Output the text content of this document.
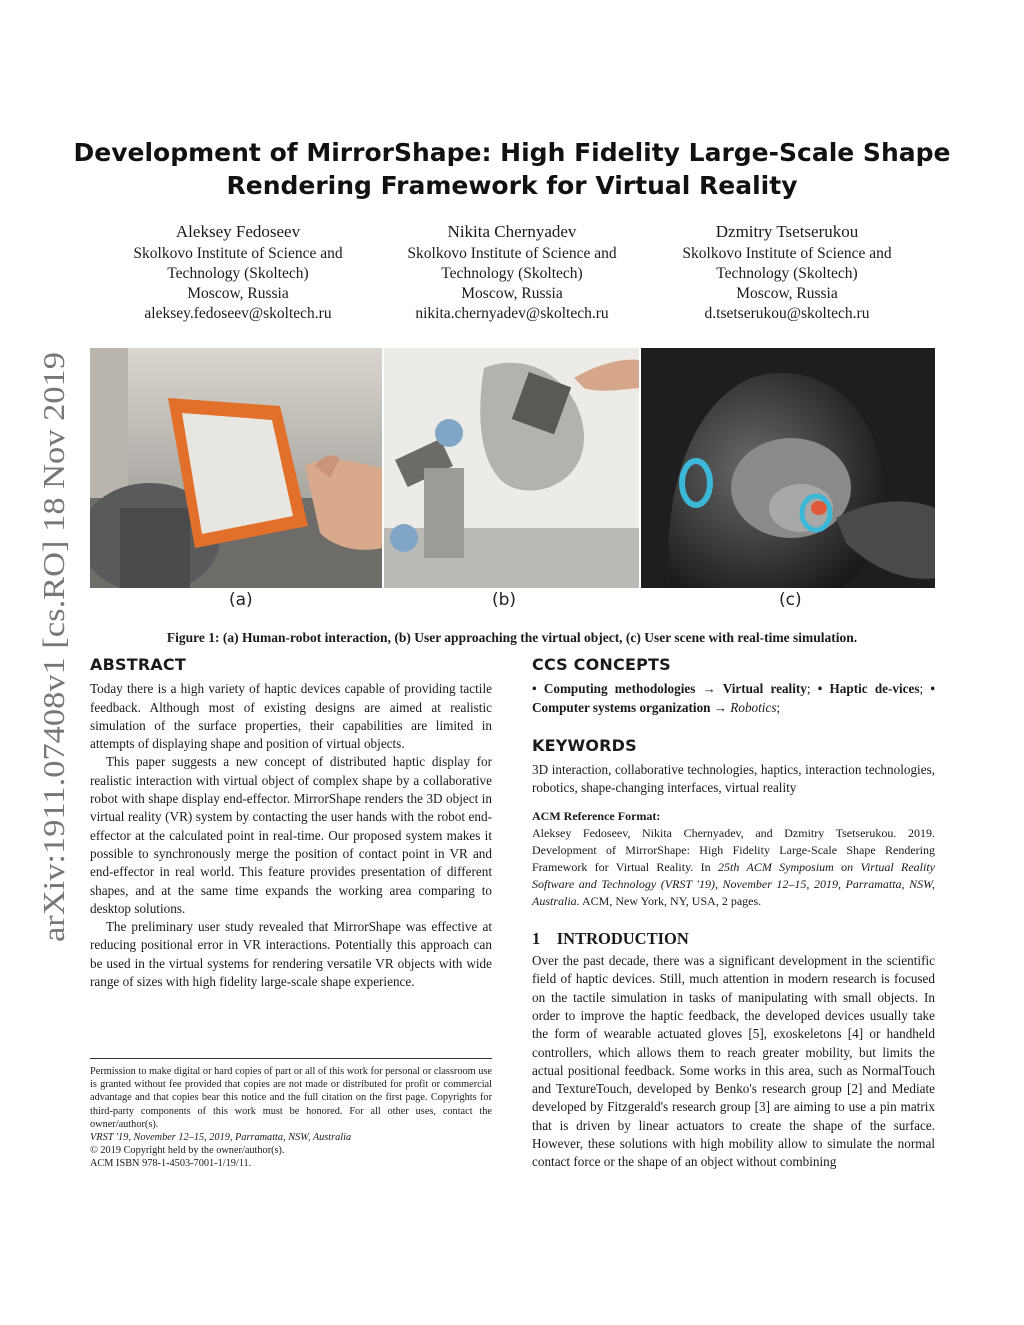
arXiv:1911.07408v1 [cs.RO] 18 Nov 2019
Development of MirrorShape: High Fidelity Large-Scale Shape
Rendering Framework for Virtual Reality
Aleksey Fedoseev
Skolkovo Institute of Science and
Technology (Skoltech)
Moscow, Russia
aleksey.fedoseev@skoltech.ru
Nikita Chernyadev
Skolkovo Institute of Science and
Technology (Skoltech)
Moscow, Russia
nikita.chernyadev@skoltech.ru
Dzmitry Tsetserukou
Skolkovo Institute of Science and
Technology (Skoltech)
Moscow, Russia
d.tsetserukou@skoltech.ru
(a)	(b)	(c)
Figure 1: (a) Human-robot interaction, (b) User approaching the virtual object, (c) User scene with real-time simulation.
ABSTRACT

Today there is a high variety of haptic devices capable of providing tactile feedback. Although most of existing designs are aimed at realistic simulation of the surface properties, their capabilities are limited in attempts of displaying shape and position of virtual objects.

This paper suggests a new concept of distributed haptic display for realistic interaction with virtual object of complex shape by a collaborative robot with shape display end-effector. MirrorShape renders the 3D object in virtual reality (VR) system by contacting the user hands with the robot end-effector at the calculated point in real-time. Our proposed system makes it possible to synchronously merge the position of contact point in VR and end-effector in real world. This feature provides presentation of different shapes, and at the same time expands the working area comparing to desktop solutions.

The preliminary user study revealed that MirrorShape was effective at reducing positional error in VR interactions. Potentially this approach can be used in the virtual systems for rendering versatile VR objects with wide range of sizes with high fidelity large-scale shape experience.

Permission to make digital or hard copies of part or all of this work for personal or classroom use is granted without fee provided that copies are not made or distributed for profit or commercial advantage and that copies bear this notice and the full citation on the first page. Copyrights for third-party components of this work must be honored. For all other uses, contact the owner/author(s).
VRST '19, November 12–15, 2019, Parramatta, NSW, Australia
© 2019 Copyright held by the owner/author(s).
ACM ISBN 978-1-4503-7001-1/19/11.
CCS CONCEPTS

• Computing methodologies → Virtual reality; • Haptic de-vices; • Computer systems organization → Robotics;

KEYWORDS

3D interaction, collaborative technologies, haptics, interaction technologies, robotics, shape-changing interfaces, virtual reality

ACM Reference Format:
Aleksey Fedoseev, Nikita Chernyadev, and Dzmitry Tsetserukou. 2019. Development of MirrorShape: High Fidelity Large-Scale Shape Rendering Framework for Virtual Reality. In 25th ACM Symposium on Virtual Reality Software and Technology (VRST '19), November 12–15, 2019, Parramatta, NSW, Australia. ACM, New York, NY, USA, 2 pages.
1    INTRODUCTION

Over the past decade, there was a significant development in the scientific field of haptic devices. Still, much attention in modern research is focused on the tactile simulation in tasks of manipulating with small objects. In order to improve the haptic feedback, the developed devices usually take the form of wearable actuated gloves [5], exoskeletons [4] or handheld controllers, which allows them to reach greater mobility, but limits the actual positional feedback. Some works in this area, such as NormalTouch and TextureTouch, developed by Benko's research group [2] and Mediate developed by Fitzgerald's research group [3] are aiming to use a pin matrix that is driven by linear actuators to create the shape of the surface. However, these solutions with high mobility allow to simulate the normal contact force or the shape of an object without combining
